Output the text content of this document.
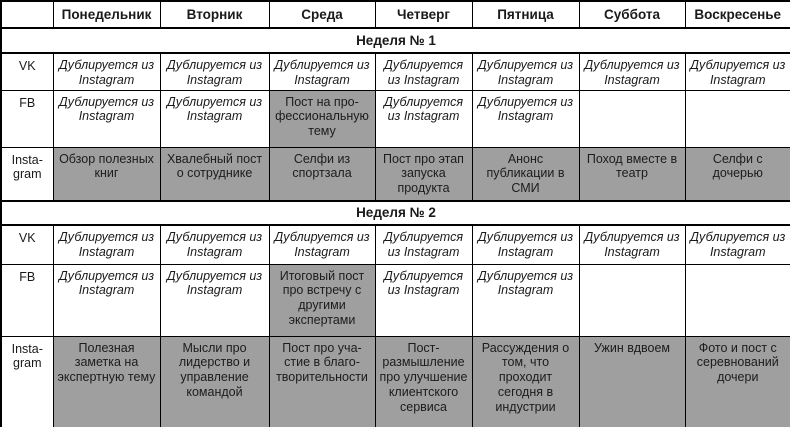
	Понедельник	Вторник	Среда	Четверг	Пятница	Суббота	Воскресенье
Неделя № 1							
VK	Дублируется из Instagram	Дублируется из Instagram	Дублируется из Instagram	Дублируется из Instagram	Дублируется из Instagram	Дублируется из Instagram	Дублируется из Instagram
FB	Дублируется из Instagram	Дублируется из Instagram	Пост на профессиональную тему	Дублируется из Instagram	Дублируется из Instagram		
Insta-gram	Обзор полезных книг	Хвалебный пост о сотруднике	Селфи из спортзала	Пост про этап запуска продукта	Анонс публикации в СМИ	Поход вместе в театр	Селфи с дочерью
Неделя № 2							
VK	Дублируется из Instagram	Дублируется из Instagram	Дублируется из Instagram	Дублируется из Instagram	Дублируется из Instagram	Дублируется из Instagram	Дублируется из Instagram
FB	Дублируется из Instagram	Дублируется из Instagram	Итоговый пост про встречу с другими экспертами	Дублируется из Instagram	Дублируется из Instagram		
Insta-gram	Полезная заметка на экспертную тему	Мысли про лидерство и управление командой	Пост про участие в благотворительности	Пост-размышление про улучшение клиентского сервиса	Рассуждения о том, что проходит сегодня в индустрии	Ужин вдвоем	Фото и пост с серевнований дочери
